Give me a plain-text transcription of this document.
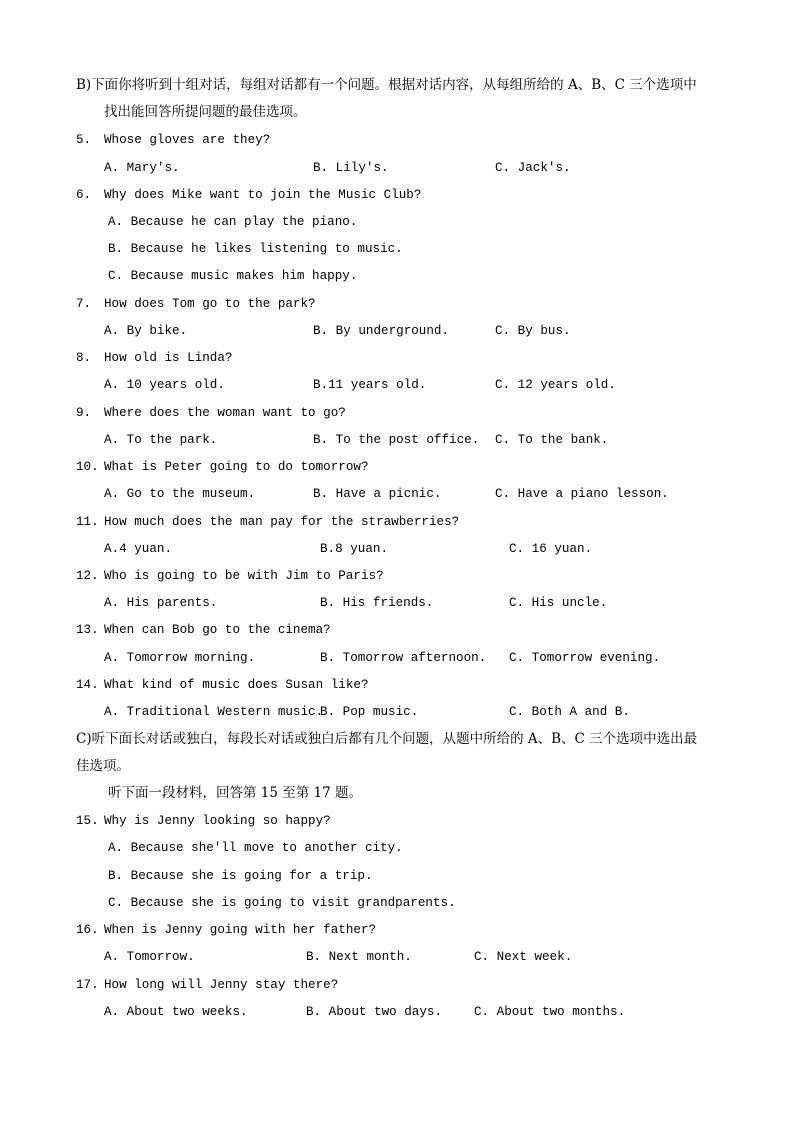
B)下面你将听到十组对话，每组对话都有一个问题。根据对话内容，从每组所给的 A、B、C 三个选项中
找出能回答所提问题的最佳选项。
5. Whose gloves are they?
A. Mary's.	B. Lily's.	C. Jack's.
6. Why does Mike want to join the Music Club?
A. Because he can play the piano.
B. Because he likes listening to music.
C. Because music makes him happy.
7. How does Tom go to the park?
A. By bike.	B. By underground.	C. By bus.
8. How old is Linda?
A. 10 years old.	B.11 years old.	C. 12 years old.
9. Where does the woman want to go?
A. To the park.	B. To the post office. C. To the bank.
10. What is Peter going to do tomorrow?
A. Go to the museum.	B. Have a picnic.	C. Have a piano lesson.
11. How much does the man pay for the strawberries?
A.4 yuan.	B.8 yuan.	C. 16 yuan.
12. Who is going to be with Jim to Paris?
A. His parents.	B. His friends.	C. His uncle.
13. When can Bob go to the cinema?
A. Tomorrow morning.	B. Tomorrow afternoon. C. Tomorrow evening.
14. What kind of music does Susan like?
A. Traditional Western music.
B. Pop music.	C. Both A and B.
C)听下面长对话或独白，每段长对话或独白后都有几个问题，从题中所给的 A、B、C 三个选项中选出最
佳选项。
听下面一段材料，回答第 15 至第 17 题。
15. Why is Jenny looking so happy?
A. Because she'll move to another city.
B. Because she is going for a trip.
C. Because she is going to visit grandparents.
16. When is Jenny going with her father?
A. Tomorrow.	B. Next month.	C. Next week.
17. How long will Jenny stay there?
A. About two weeks.	B. About two days.	C. About two months.
